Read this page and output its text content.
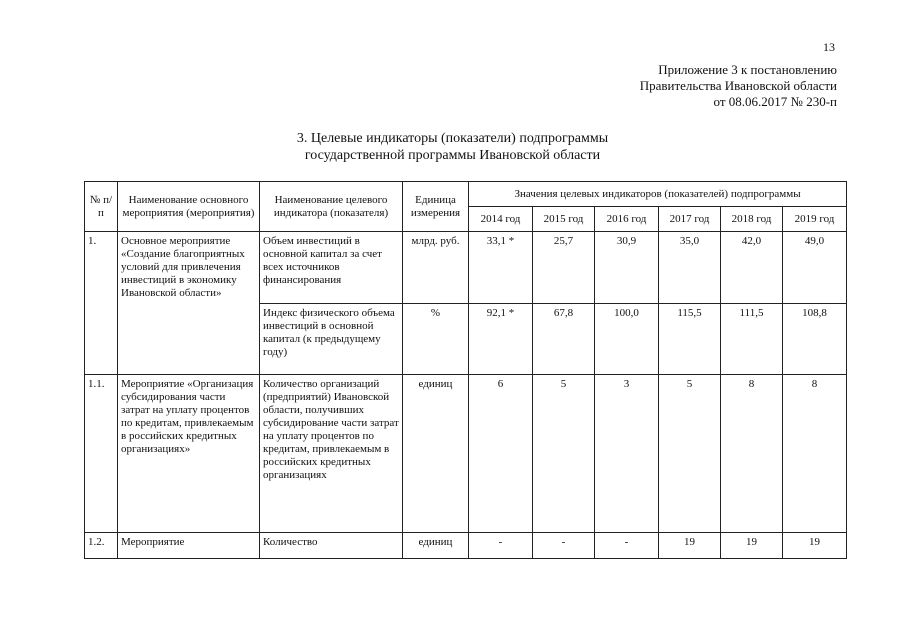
13
Приложение 3 к постановлению
Правительства Ивановской области
от 08.06.2017 № 230-п
3. Целевые индикаторы (показатели) подпрограммы
государственной программы Ивановской области
№ п/п	Наименование основного мероприятия (мероприятия)	Наименование целевого индикатора (показателя)	Единица измерения	Значения целевых индикаторов (показателей) подпрограммы					
				2014 год	2015 год	2016 год	2017 год	2018 год	2019 год
1.	Основное мероприятие «Создание благоприятных условий для привлечения инвестиций в экономику Ивановской области»	Объем инвестиций в основной капитал за счет всех источников финансирования	млрд. руб.	33,1 *	25,7	30,9	35,0	42,0	49,0
		Индекс физического объема инвестиций в основной капитал (к предыдущему году)	%	92,1 *	67,8	100,0	115,5	111,5	108,8
1.1.	Мероприятие «Организация субсидирования части затрат на уплату процентов по кредитам, привлекаемым в российских кредитных организациях»	Количество организаций (предприятий) Ивановской области, получивших субсидирование части затрат на уплату процентов по кредитам, привлекаемым в российских кредитных организациях	единиц	6	5	3	5	8	8
1.2.	Мероприятие	Количество	единиц	-	-	-	19	19	19
